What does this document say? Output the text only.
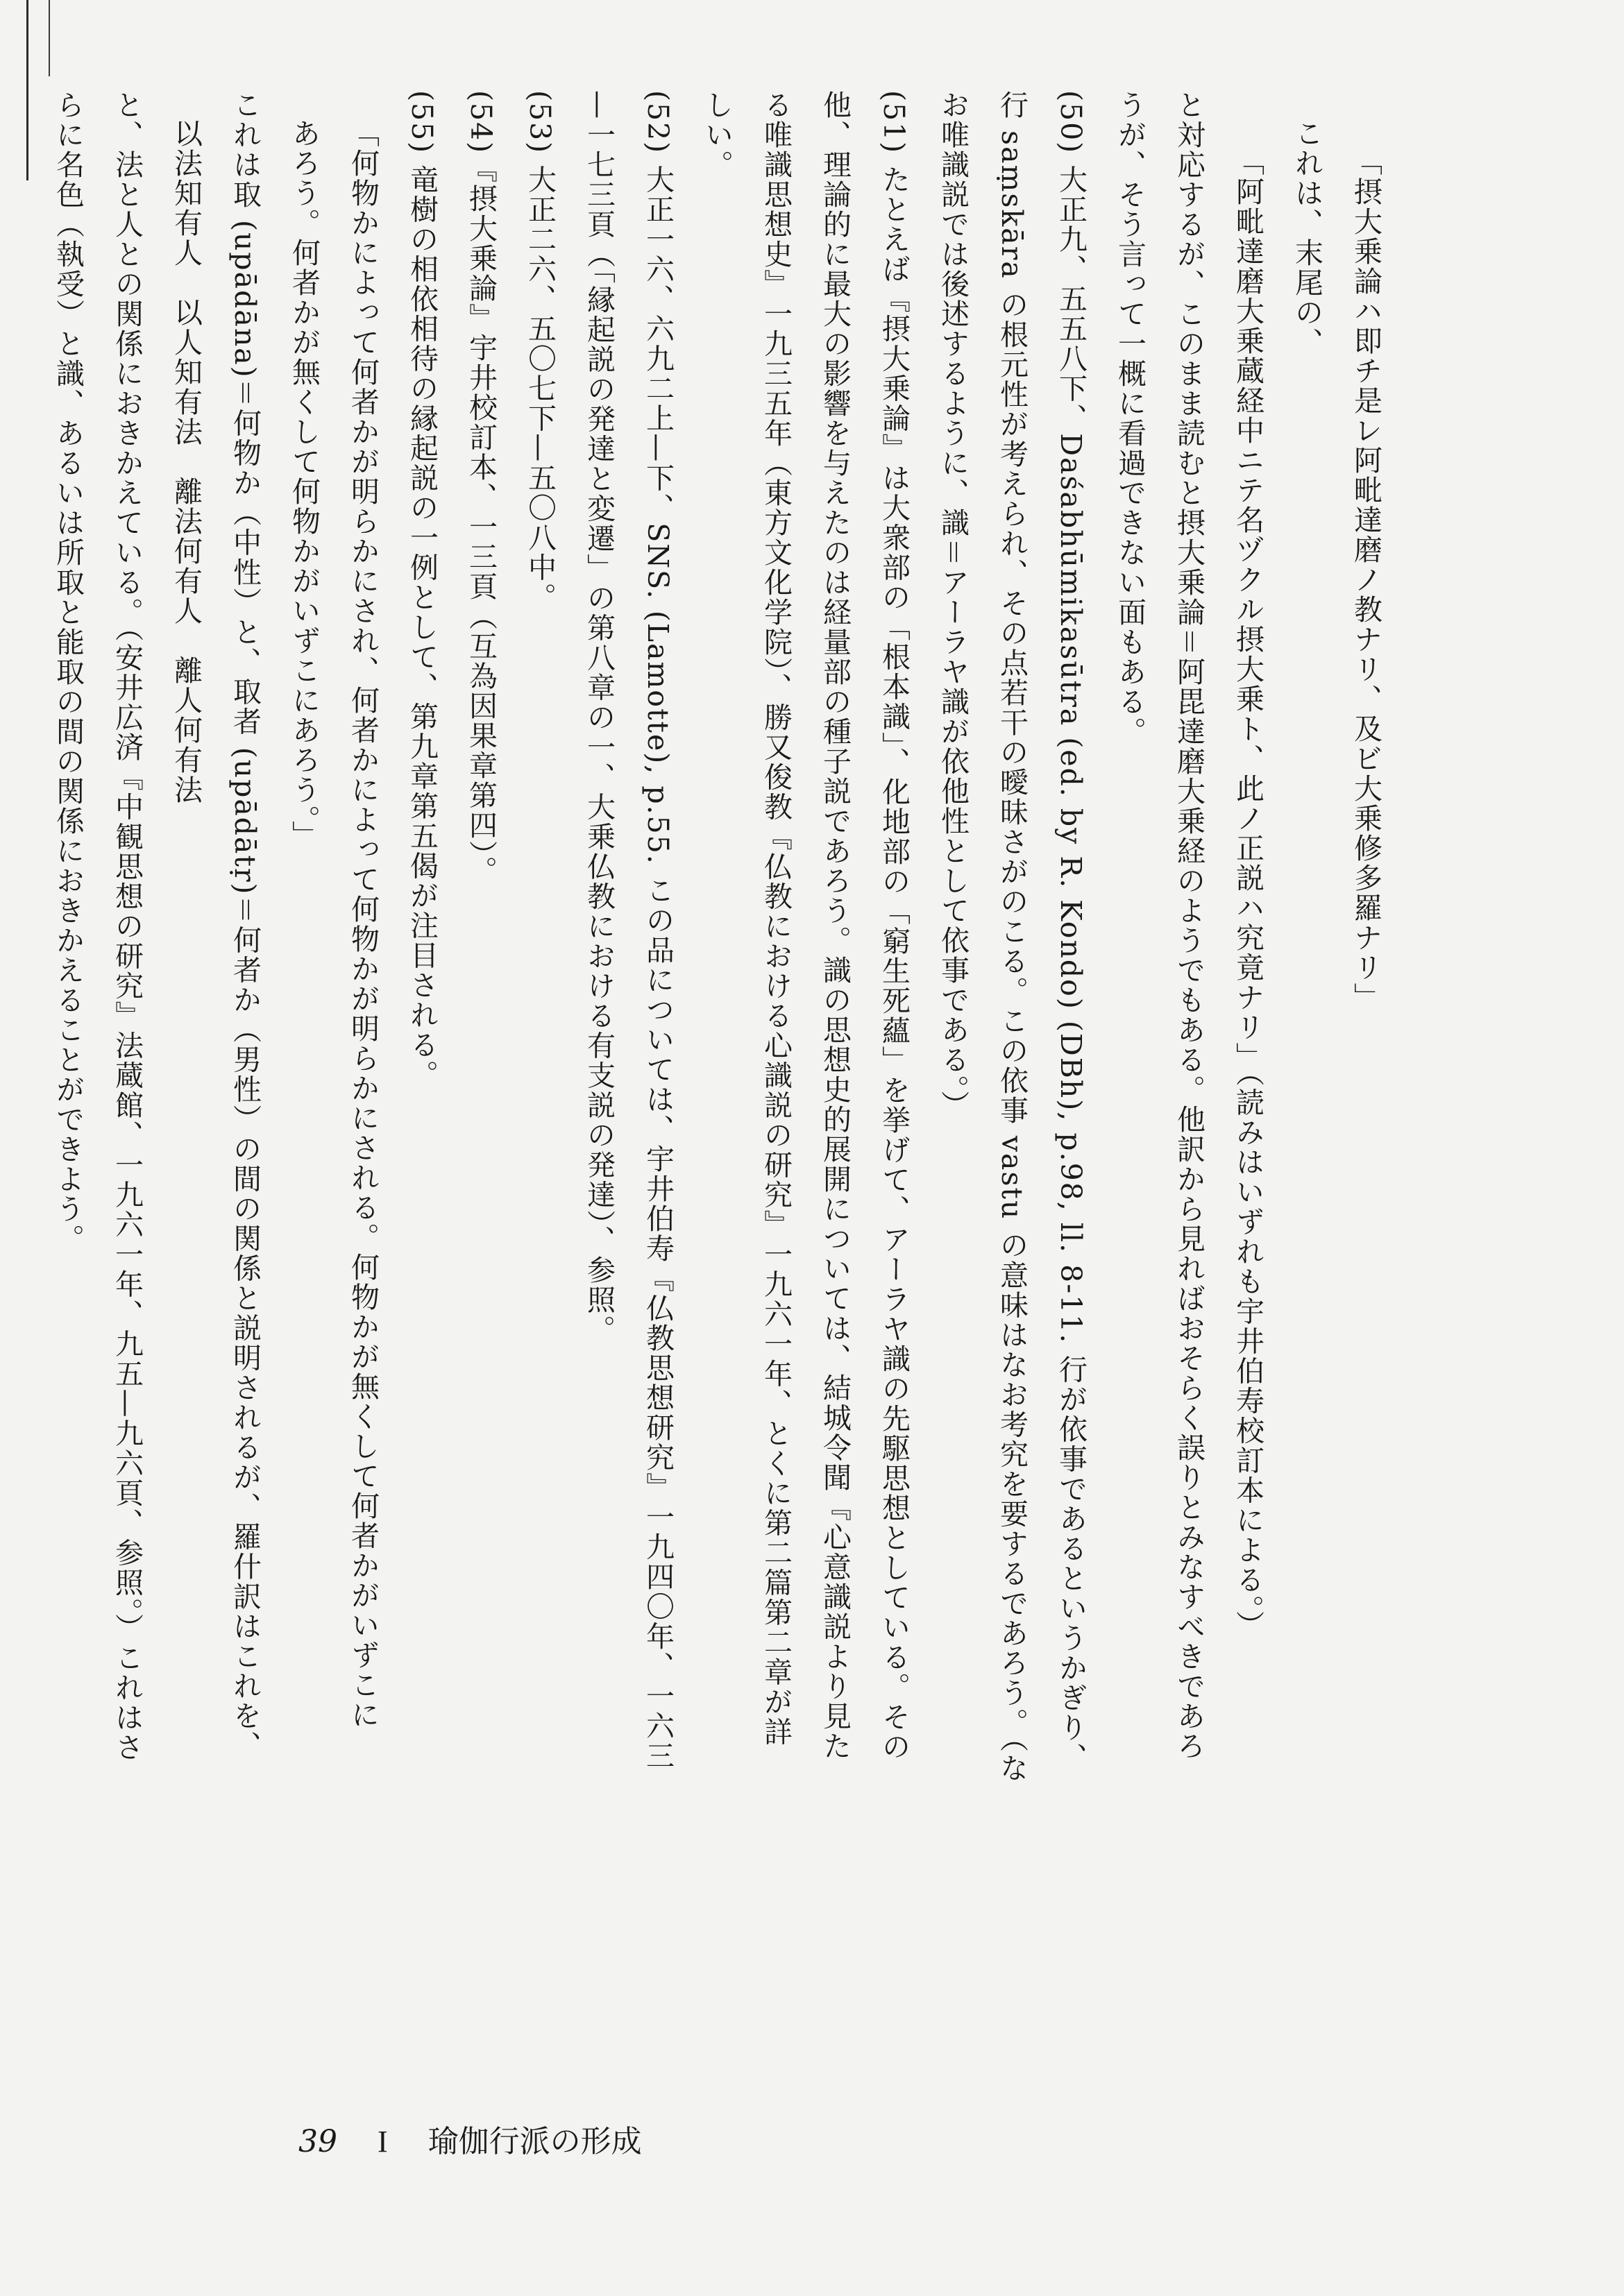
「摂大乗論ハ即チ是レ阿毗達磨ノ教ナリ、及ビ大乗修多羅ナリ」
これは、末尾の、
「阿毗達磨大乗蔵経中ニテ名ヅクル摂大乗ト、此ノ正説ハ究竟ナリ」（読みはいずれも宇井伯寿校訂本による。）
と対応するが、このまま読むと摂大乗論＝阿毘達磨大乗経のようでもある。他訳から見ればおそらく誤りとみなすべきであろ
うが、そう言って一概に看過できない面もある。
(50) 大正九、五五八下、Daśabhūmikasūtra (ed. by R. Kondo) (DBh), p.98, ll. 8-11. 行が依事であるというかぎり、
行 saṃskāra の根元性が考えられ、その点若干の曖昧さがのこる。この依事 vastu の意味はなお考究を要するであろう。（な
お唯識説では後述するように、識＝アーラヤ識が依他性として依事である。）
(51) たとえば『摂大乗論』は大衆部の「根本識」、化地部の「窮生死蘊」を挙げて、アーラヤ識の先駆思想としている。その
他、理論的に最大の影響を与えたのは経量部の種子説であろう。識の思想史的展開については、結城令聞『心意識説より見た
る唯識思想史』一九三五年（東方文化学院）、勝又俊教『仏教における心識説の研究』一九六一年、とくに第二篇第二章が詳
しい。
(52) 大正一六、六九二上—下、SNS. (Lamotte), p.55. この品については、宇井伯寿『仏教思想研究』一九四〇年、一六三
—一七三頁（「縁起説の発達と変遷」の第八章の一、大乗仏教における有支説の発達）、参照。
(53) 大正二六、五〇七下—五〇八中。
(54)『摂大乗論』宇井校訂本、一三頁（互為因果章第四）。
(55) 竜樹の相依相待の縁起説の一例として、第九章第五偈が注目される。
「何物かによって何者かが明らかにされ、何者かによって何物かが明らかにされる。何物かが無くして何者かがいずこに
あろう。何者かが無くして何物かがいずこにあろう。」
これは取 (upādāna)＝何物か（中性）と、取者 (upādātṛ)＝何者か（男性）の間の関係と説明されるが、羅什訳はこれを、
以法知有人　以人知有法　離法何有人　離人何有法
と、法と人との関係におきかえている。（安井広済『中観思想の研究』法蔵館、一九六一年、九五—九六頁、参照。）これはさ
らに名色（執受）と識、あるいは所取と能取の間の関係におきかえることができよう。
39 I 瑜伽行派の形成
